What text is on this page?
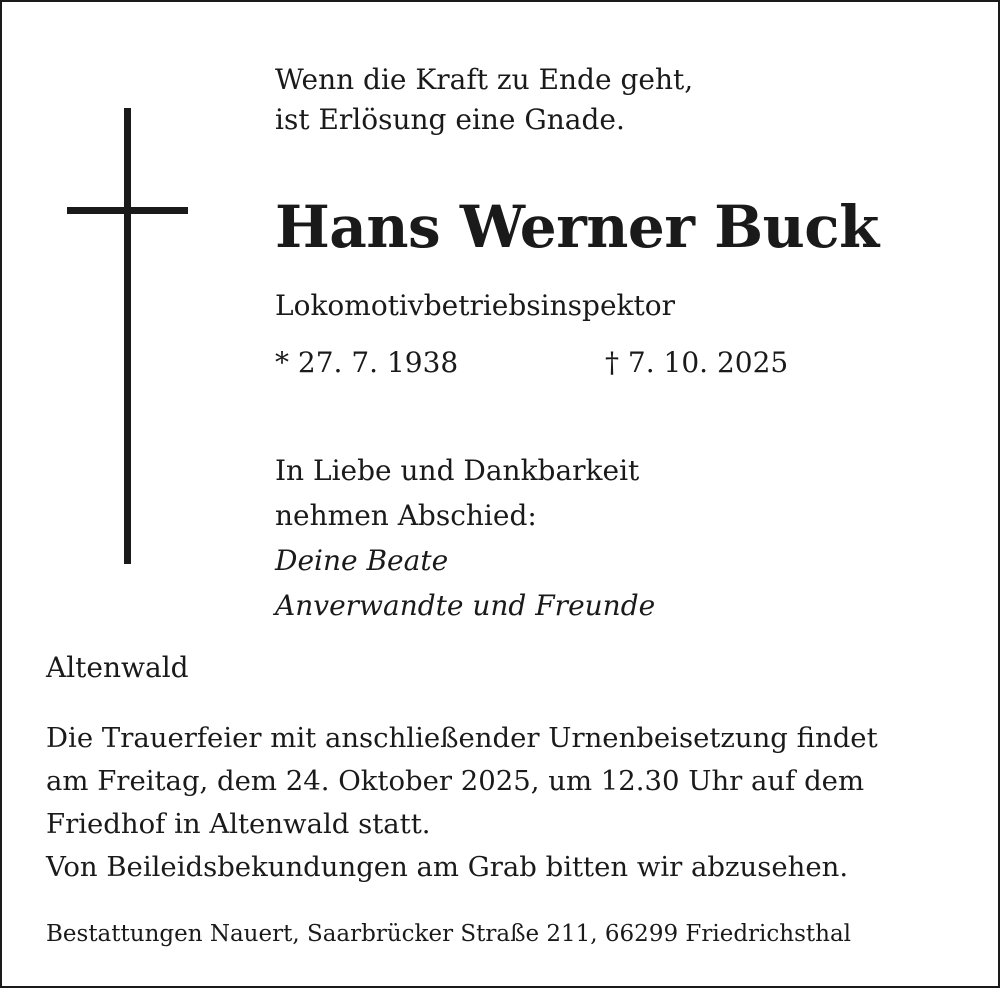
Wenn die Kraft zu Ende geht,
ist Erlösung eine Gnade.
Hans Werner Buck
Lokomotivbetriebsinspektor
* 27. 7. 1938	† 7. 10. 2025
In Liebe und Dankbarkeit
nehmen Abschied:
Deine Beate
Anverwandte und Freunde
Altenwald
Die Trauerfeier mit anschließender Urnenbeisetzung findet
am Freitag, dem 24. Oktober 2025, um 12.30 Uhr auf dem
Friedhof in Altenwald statt.
Von Beileidsbekundungen am Grab bitten wir abzusehen.
Bestattungen Nauert, Saarbrücker Straße 211, 66299 Friedrichsthal
